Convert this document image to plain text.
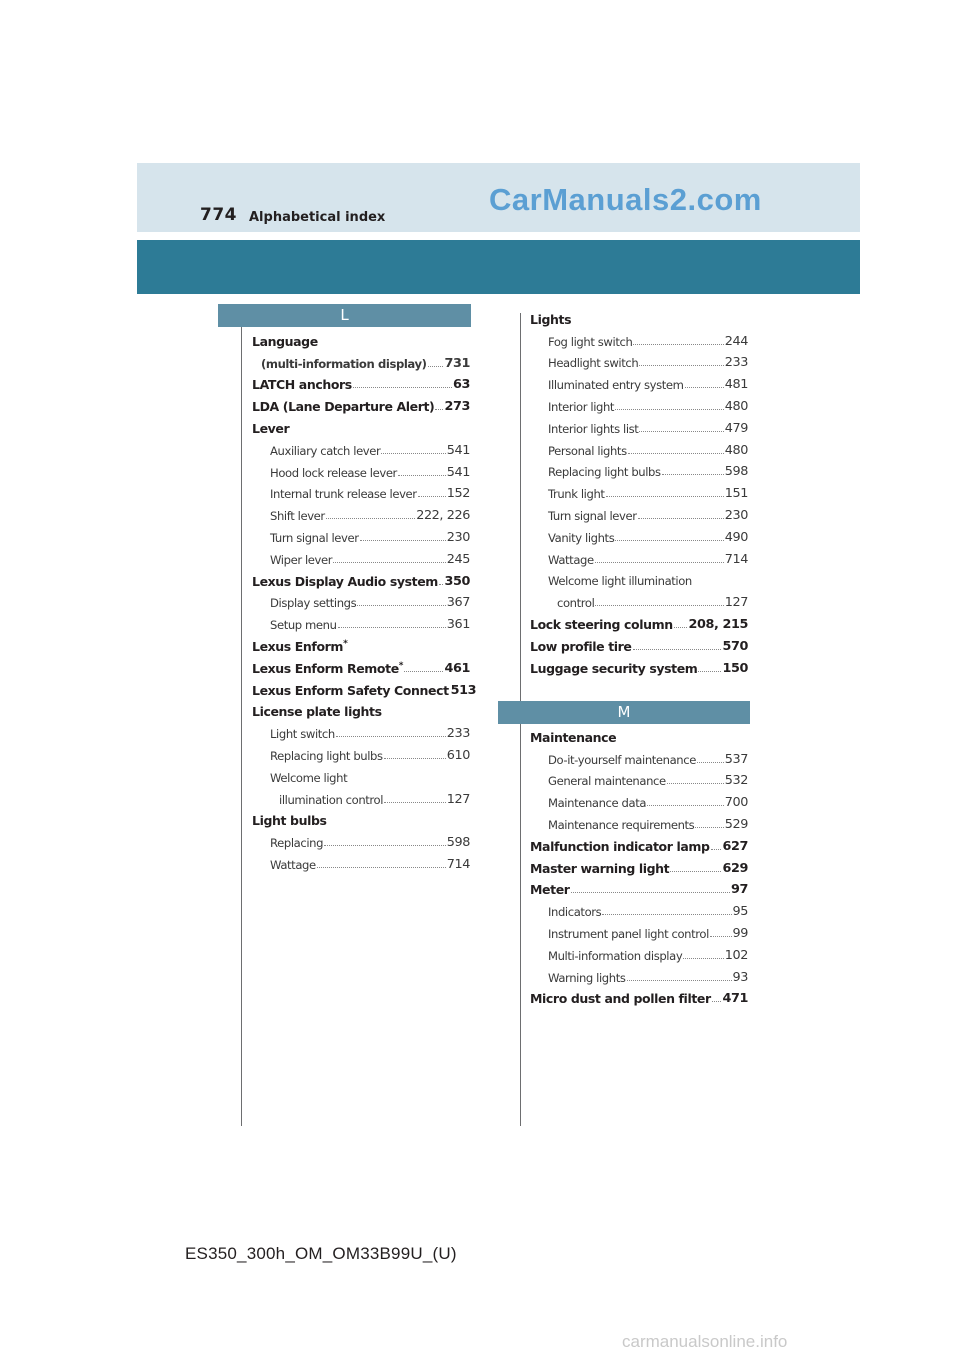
774 Alphabetical index
CarManuals2.com
L
Language
(multi-information display) 731
LATCH anchors	63
LDA (Lane Departure Alert) 273
Lever
Auxiliary catch lever	541
Hood lock release lever	541
Internal trunk release lever 152
Shift lever	222, 226
Turn signal lever	230
Wiper lever	245
Lexus Display Audio system 350
Display settings	367
Setup menu	361
Lexus Enform*
Lexus Enform Remote*	461
Lexus Enform Safety Connect 513
License plate lights
Light switch	233
Replacing light bulbs	610
Welcome light
illumination control	127
Light bulbs
Replacing	598
Wattage	714
Lights
Fog light switch	244
Headlight switch	233
Illuminated entry system	481
Interior light	480
Interior lights list	479
Personal lights	480
Replacing light bulbs	598
Trunk light	151
Turn signal lever	230
Vanity lights	490
Wattage	714
Welcome light illumination
control	127
Lock steering column 208, 215
Low profile tire	570
Luggage security system 150
M
Maintenance
Do-it-yourself maintenance 537
General maintenance	532
Maintenance data	700
Maintenance requirements 529
Malfunction indicator lamp 627
Master warning light	629
Meter	97
Indicators	95
Instrument panel light control 99
Multi-information display	102
Warning lights	93
Micro dust and pollen filter 471
ES350_300h_OM_OM33B99U_(U)
carmanualsonline.info
